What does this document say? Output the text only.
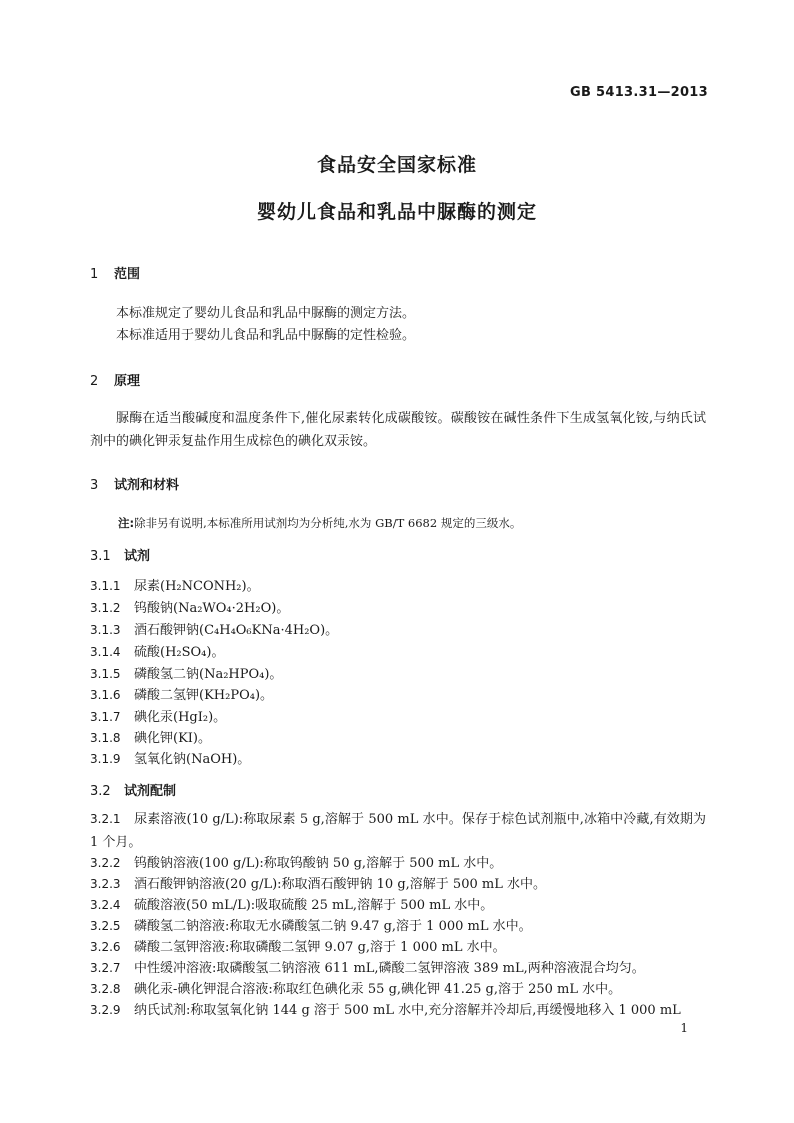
GB 5413.31—2013
食品安全国家标准
婴幼儿食品和乳品中脲酶的测定
1 范围
本标准规定了婴幼儿食品和乳品中脲酶的测定方法。
本标准适用于婴幼儿食品和乳品中脲酶的定性检验。
2 原理
脲酶在适当酸碱度和温度条件下,催化尿素转化成碳酸铵。碳酸铵在碱性条件下生成氢氧化铵,与纳氏试剂中的碘化钾汞复盐作用生成棕色的碘化双汞铵。
3 试剂和材料
注:除非另有说明,本标准所用试剂均为分析纯,水为 GB/T 6682 规定的三级水。
3.1 试剂
3.1.1 尿素(H₂NCONH₂)。
3.1.2 钨酸钠(Na₂WO₄·2H₂O)。
3.1.3 酒石酸钾钠(C₄H₄O₆KNa·4H₂O)。
3.1.4 硫酸(H₂SO₄)。
3.1.5 磷酸氢二钠(Na₂HPO₄)。
3.1.6 磷酸二氢钾(KH₂PO₄)。
3.1.7 碘化汞(HgI₂)。
3.1.8 碘化钾(KI)。
3.1.9 氢氧化钠(NaOH)。
3.2 试剂配制
3.2.1 尿素溶液(10 g/L):称取尿素 5 g,溶解于 500 mL 水中。保存于棕色试剂瓶中,冰箱中冷藏,有效期为 1 个月。
3.2.2 钨酸钠溶液(100 g/L):称取钨酸钠 50 g,溶解于 500 mL 水中。
3.2.3 酒石酸钾钠溶液(20 g/L):称取酒石酸钾钠 10 g,溶解于 500 mL 水中。
3.2.4 硫酸溶液(50 mL/L):吸取硫酸 25 mL,溶解于 500 mL 水中。
3.2.5 磷酸氢二钠溶液:称取无水磷酸氢二钠 9.47 g,溶于 1 000 mL 水中。
3.2.6 磷酸二氢钾溶液:称取磷酸二氢钾 9.07 g,溶于 1 000 mL 水中。
3.2.7 中性缓冲溶液:取磷酸氢二钠溶液 611 mL,磷酸二氢钾溶液 389 mL,两种溶液混合均匀。
3.2.8 碘化汞-碘化钾混合溶液:称取红色碘化汞 55 g,碘化钾 41.25 g,溶于 250 mL 水中。
3.2.9 纳氏试剂:称取氢氧化钠 144 g 溶于 500 mL 水中,充分溶解并冷却后,再缓慢地移入 1 000 mL
1
